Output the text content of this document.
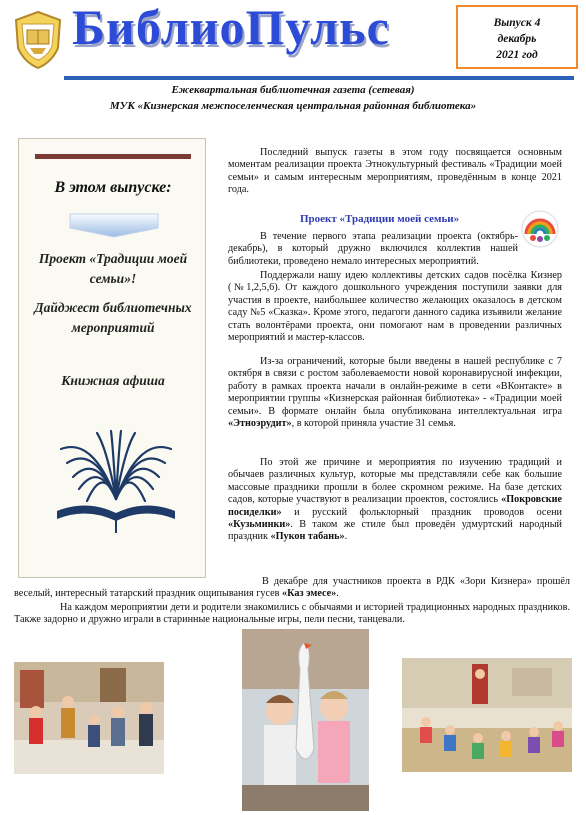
БиблиоПульс	Выпуск 4
декабрь
2021 год
Ежеквартальная библиотечная газета (сетевая)
МУК «Кизнерская межпоселенческая центральная районная библиотека»
В этом выпуске:
Проект «Традиции моей семьи»!
Дайджест библиотечных мероприятий
Книжная афиша
Последний выпуск газеты в этом году посвящается основным моментам реализации проекта Этнокультурный фестиваль «Традиции моей семьи» и самым интересным мероприятиям, проведённым в конце 2021 года.
Проект «Традиции моей семьи»
В течение первого этапа реализации проекта (октябрь-декабрь), в который дружно включился коллектив нашей библиотеки, проведено немало интересных мероприятий.
Поддержали нашу идею коллективы детских садов посёлка Кизнер (№1,2,5,6). От каждого дошкольного учреждения поступили заявки для участия в проекте, наибольшее количество желающих оказалось в детском саду №5 «Сказка». Кроме этого, педагоги данного садика изъявили желание стать волонтёрами проекта, они помогают нам в проведении различных мероприятий и мастер-классов.
Из-за ограничений, которые были введены в нашей республике с 7 октября в связи с ростом заболеваемости новой коронавирусной инфекции, работу в рамках проекта начали в онлайн-режиме в сети «ВКонтакте» в мероприятии группы «Кизнерская районная библиотека» - «Традиции моей семьи». В формате онлайн была опубликована интеллектуальная игра «Этноэрудит», в которой приняла участие 31 семья.
По этой же причине и мероприятия по изучению традиций и обычаев различных культур, которые мы представляли себе как большие массовые праздники прошли в более скромном режиме. На базе детских садов, которые участвуют в реализации проектов, состоялись «Покровские посиделки» и русский фольклорный праздник проводов осени «Кузьминки». В таком же стиле был проведён удмуртский народный праздник «Пукон табань».
В декабре для участников проекта в РДК «Зори Кизнера» прошёл веселый, интересный татарский праздник ощипывания гусев «Каз эмесе».
На каждом мероприятии дети и родители знакомились с обычаями и историей традиционных народных праздников. Также задорно и дружно играли в старинные национальные игры, пели песни, танцевали.
